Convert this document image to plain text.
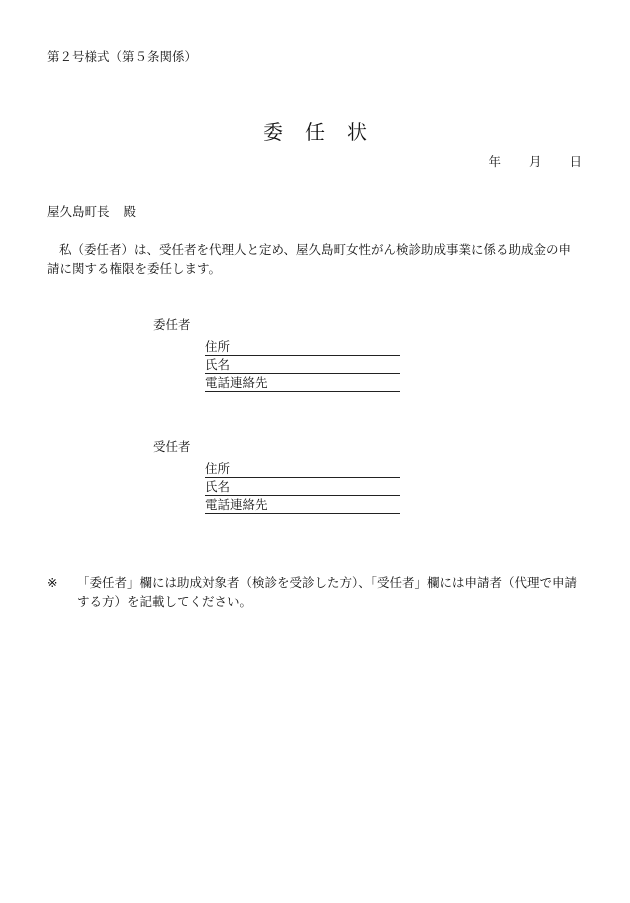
第２号様式（第５条関係）
委任状
年 月 日
屋久島町長 殿
私（委任者）は、受任者を代理人と定め、屋久島町女性がん検診助成事業に係る助成金の申請に関する権限を委任します。
委任者
住所
氏名
電話連絡先
受任者
住所
氏名
電話連絡先
※	「委任者」欄には助成対象者（検診を受診した方）、「受任者」欄には申請者（代理で申請する方）を記載してください。
